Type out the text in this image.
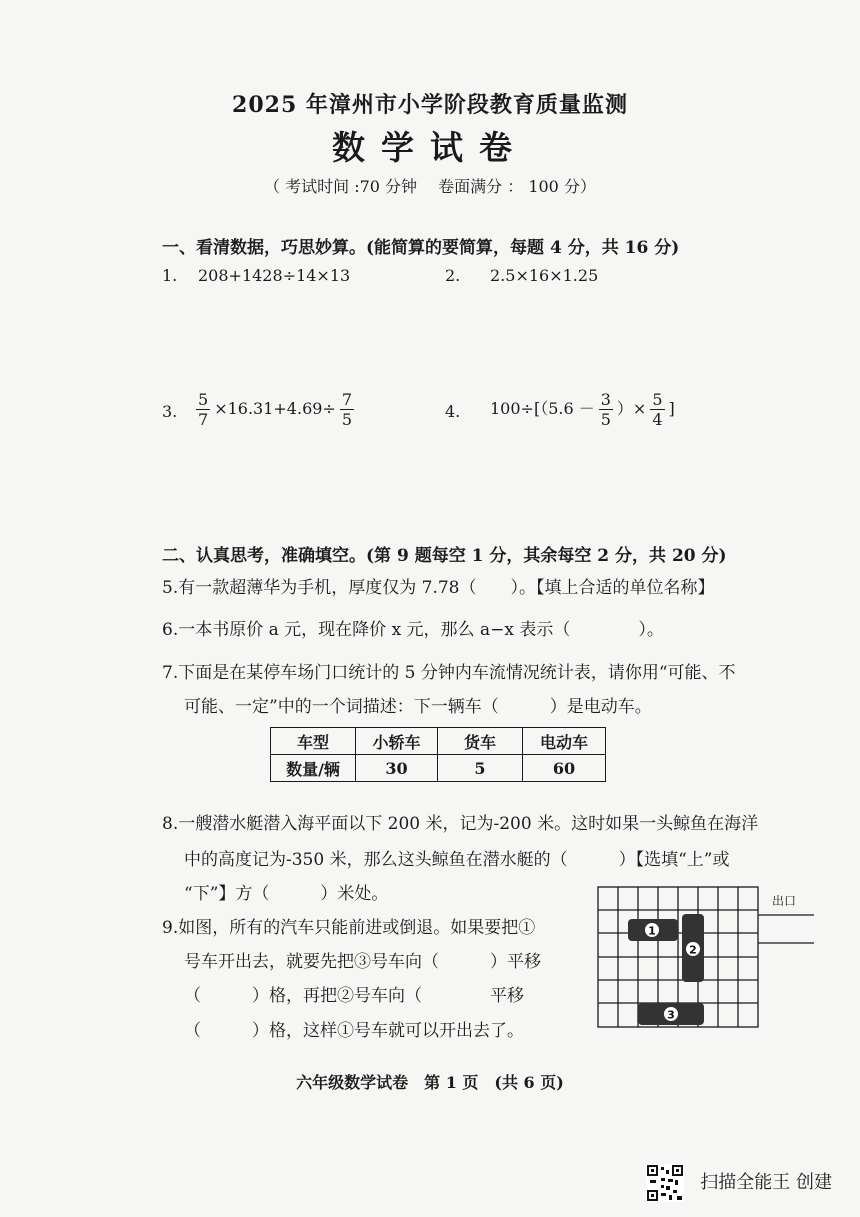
2025 年漳州市小学阶段教育质量监测
数学试卷
（ 考试时间 :70 分钟　 卷面满分 ： 100 分）
一、看清数据，巧思妙算。(能简算的要简算，每题 4 分，共 16 分)
1. 208+1428÷14×13	2. 2.5×16×1.25
3. $\frac{5}{7} \times 16.31+4.69\div \frac{7}{5}$	4. $100\div[(5.6 - \frac{3}{5}$ ）× $\frac{5}{4}$ ]
二、认真思考，准确填空。(第 9 题每空 1 分，其余每空 2 分，共 20 分)
5.有一款超薄华为手机，厚度仅为 7.78（　　）。【填上合适的单位名称】
6.一本书原价 a 元，现在降价 x 元，那么 a−x 表示（　　　　）。
7.下面是在某停车场门口统计的 5 分钟内车流情况统计表，请你用“可能、不
可能、一定”中的一个词描述：下一辆车（　　　）是电动车。
车型	小轿车	货车	电动车
数量/辆	30	5	60
8.一艘潜水艇潜入海平面以下 200 米，记为-200 米。这时如果一头鲸鱼在海洋
中的高度记为-350 米，那么这头鲸鱼在潜水艇的（　　　）【选填“上”或
“下”】方（　　　）米处。
9.如图，所有的汽车只能前进或倒退。如果要把①
号车开出去，就要先把③号车向（　　　）平移
（　　　）格，再把②号车向（　　　　平移
（　　　）格，这样①号车就可以开出去了。
1
2
3
出口
六年级数学试卷　第 1 页　(共 6 页)
扫描全能王 创建
